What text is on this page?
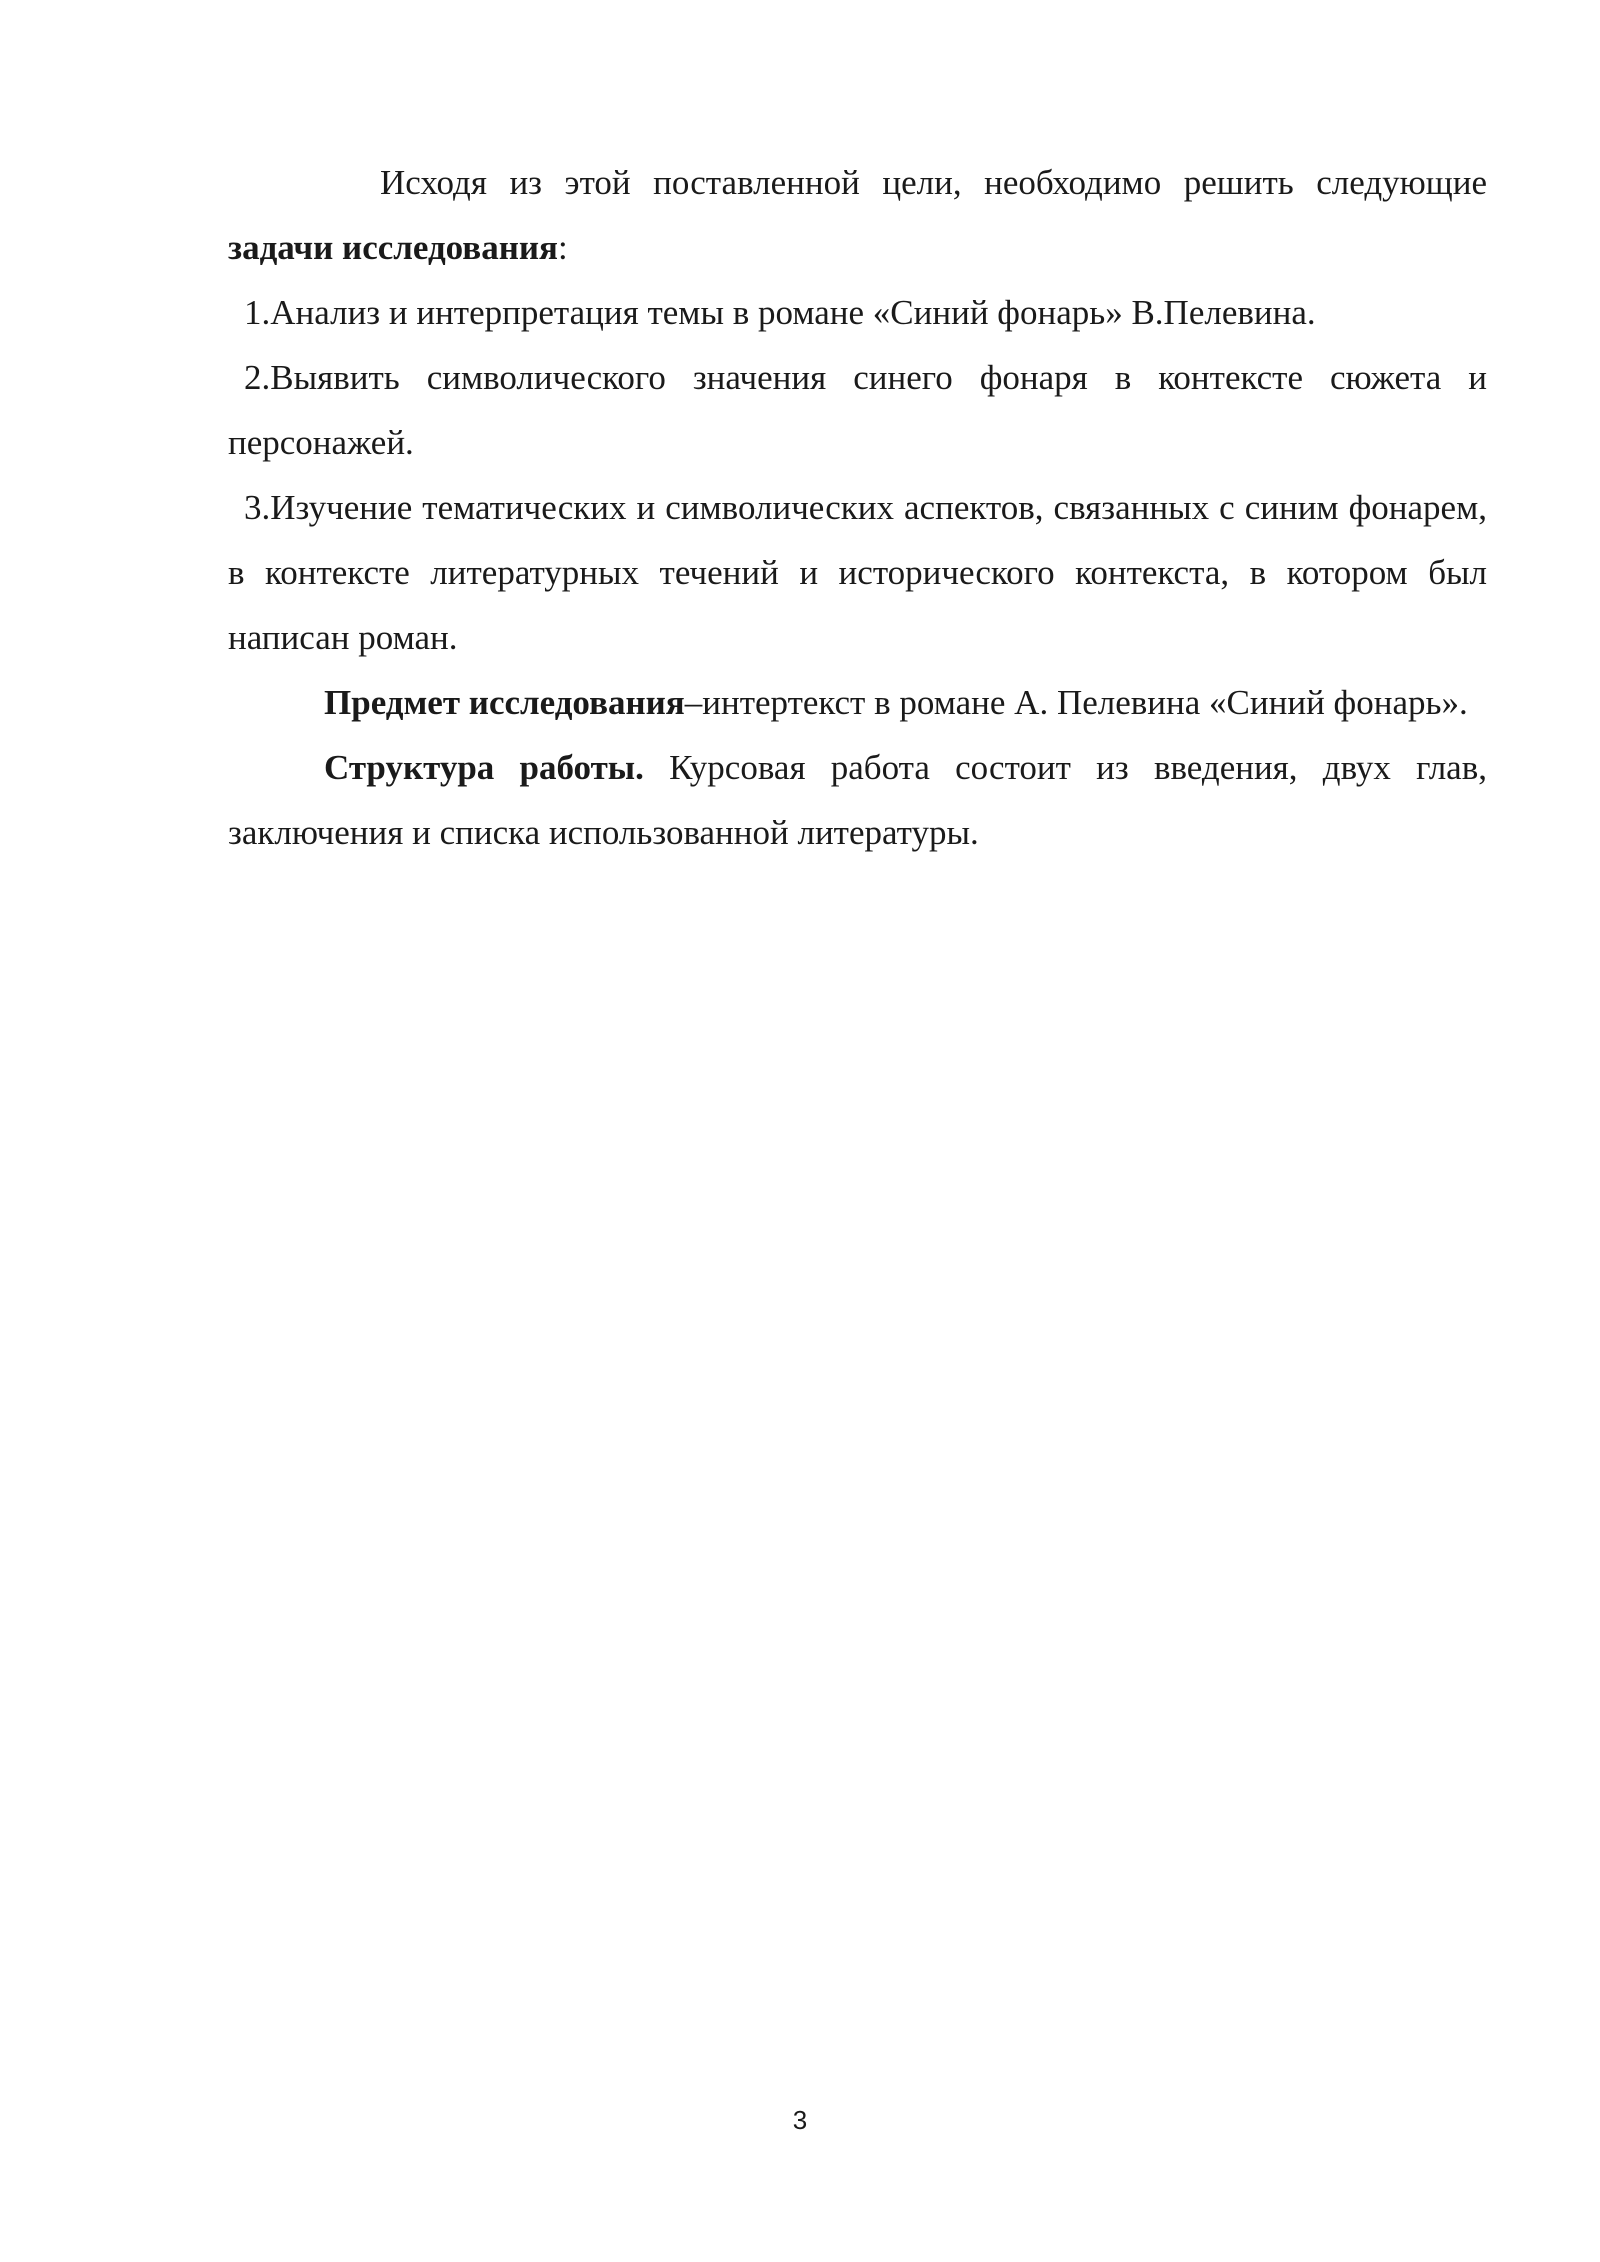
Исходя из этой поставленной цели, необходимо решить следующие задачи исследования:

1.Анализ и интерпретация темы в романе «Синий фонарь» В.Пелевина.

2.Выявить символического значения синего фонаря в контексте сюжета и персонажей.

3.Изучение тематических и символических аспектов, связанных с синим фонарем, в контексте литературных течений и исторического контекста, в котором был написан роман.

Предмет исследования–интертекст в романе А. Пелевина «Синий фонарь».

Структура работы. Курсовая работа состоит из введения, двух глав, заключения и списка использованной литературы.

3
